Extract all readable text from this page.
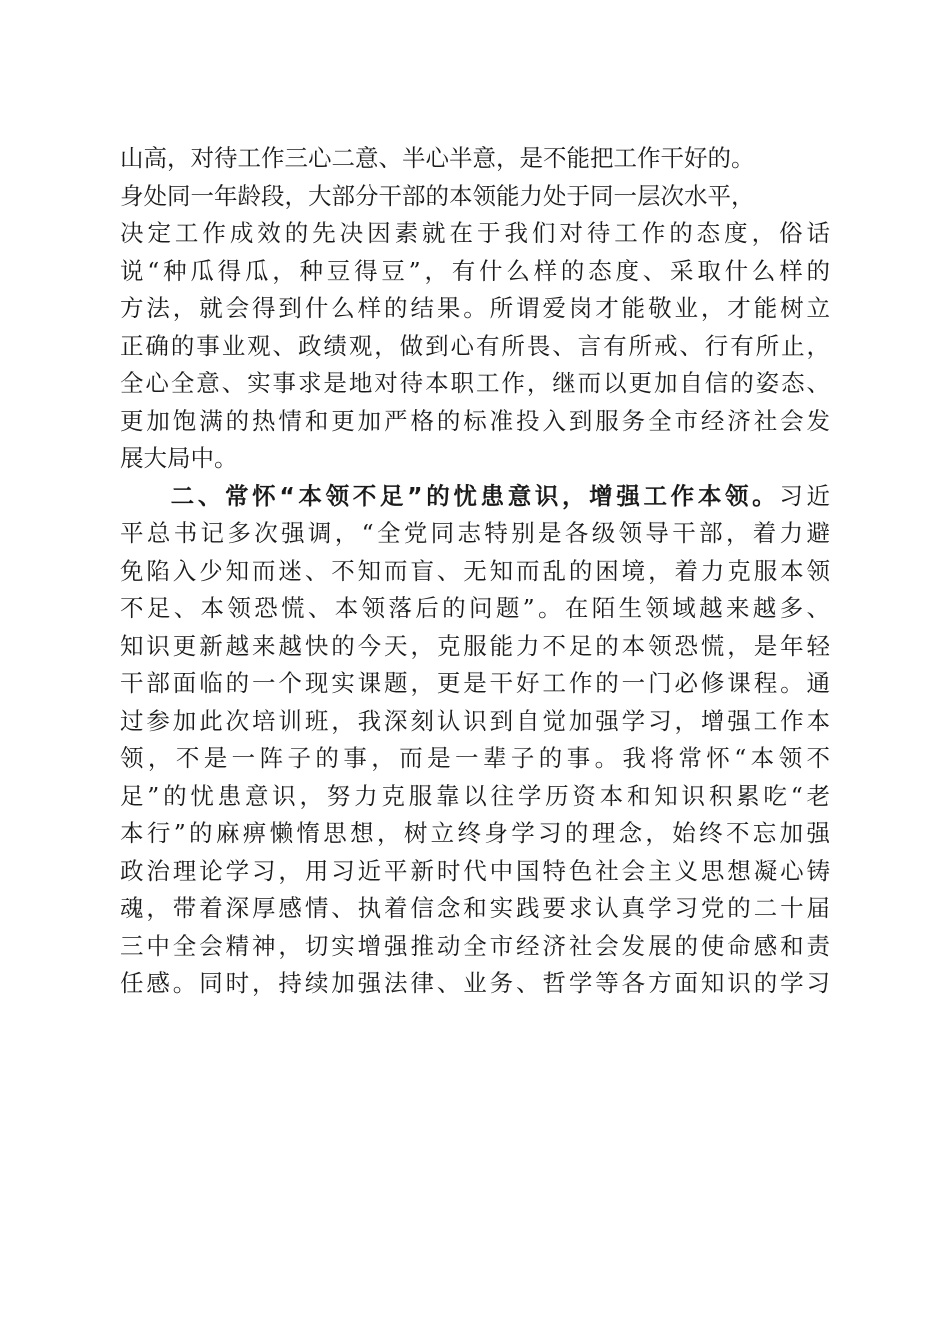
山高，对待工作三心二意、半心半意，是不能把工作干好的。
身处同一年龄段，大部分干部的本领能力处于同一层次水平，
决定工作成效的先决因素就在于我们对待工作的态度，俗话
说“种瓜得瓜，种豆得豆”，有什么样的态度、采取什么样的
方法，就会得到什么样的结果。所谓爱岗才能敬业，才能树立
正确的事业观、政绩观，做到心有所畏、言有所戒、行有所止，
全心全意、实事求是地对待本职工作，继而以更加自信的姿态、
更加饱满的热情和更加严格的标准投入到服务全市经济社会发
展大局中。
二、常怀“本领不足”的忧患意识，增强工作本领。习近
平总书记多次强调，“全党同志特别是各级领导干部，着力避
免陷入少知而迷、不知而盲、无知而乱的困境，着力克服本领
不足、本领恐慌、本领落后的问题”。在陌生领域越来越多、
知识更新越来越快的今天，克服能力不足的本领恐慌，是年轻
干部面临的一个现实课题，更是干好工作的一门必修课程。通
过参加此次培训班，我深刻认识到自觉加强学习，增强工作本
领，不是一阵子的事，而是一辈子的事。我将常怀“本领不
足”的忧患意识，努力克服靠以往学历资本和知识积累吃“老
本行”的麻痹懒惰思想，树立终身学习的理念，始终不忘加强
政治理论学习，用习近平新时代中国特色社会主义思想凝心铸
魂，带着深厚感情、执着信念和实践要求认真学习党的二十届
三中全会精神，切实增强推动全市经济社会发展的使命感和责
任感。同时，持续加强法律、业务、哲学等各方面知识的学习
